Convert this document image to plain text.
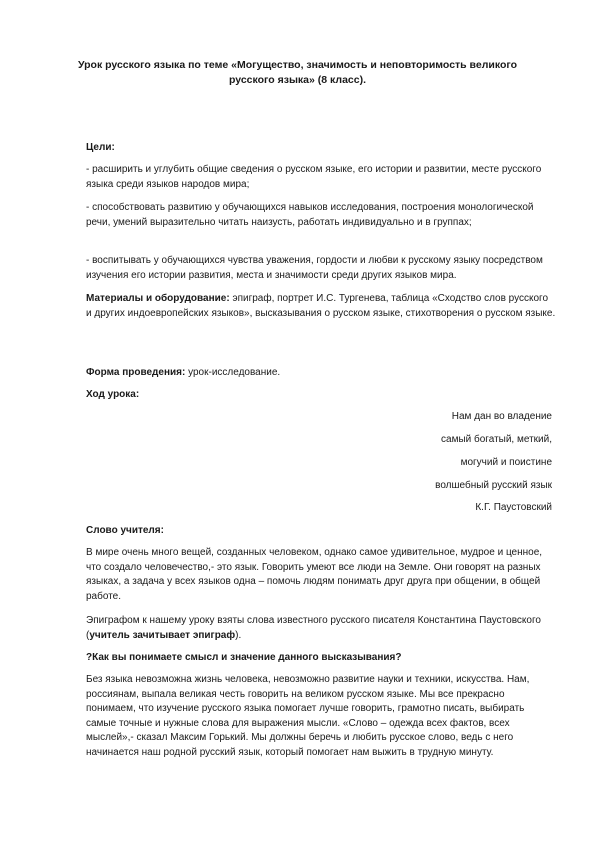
Урок русского языка по теме «Могущество, значимость и неповторимость великого русского языка» (8 класс).
Цели:
- расширить и углубить общие сведения о русском языке, его истории и развитии, месте русского языка среди языков народов мира;
- способствовать развитию у обучающихся навыков исследования, построения монологической речи, умений выразительно читать наизусть, работать индивидуально и в группах;
- воспитывать у обучающихся чувства уважения, гордости и любви к русскому языку посредством изучения его истории развития, места и значимости среди других языков мира.
Материалы и оборудование: эпиграф, портрет И.С. Тургенева, таблица «Сходство слов русского и других индоевропейских языков», высказывания о русском языке, стихотворения о русском языке.
Форма проведения: урок-исследование.
Ход урока:
Нам дан во владение
самый богатый, меткий,
могучий и поистине
волшебный русский язык
К.Г. Паустовский
Слово учителя:
В мире очень много вещей, созданных человеком, однако самое удивительное, мудрое и ценное, что создало человечество,- это язык. Говорить умеют все люди на Земле. Они говорят на разных языках, а задача у всех языков одна – помочь людям понимать друг друга при общении, в общей работе.
Эпиграфом к нашему уроку взяты слова известного русского писателя Константина Паустовского (учитель зачитывает эпиграф).
?Как вы понимаете смысл и значение данного высказывания?
Без языка невозможна жизнь человека, невозможно развитие науки и техники, искусства. Нам, россиянам, выпала великая честь говорить на великом русском языке. Мы все прекрасно понимаем, что изучение русского языка помогает лучше говорить, грамотно писать, выбирать самые точные и нужные слова для выражения мысли. «Слово – одежда всех фактов, всех мыслей»,- сказал Максим Горький. Мы должны беречь и любить русское слово, ведь с него начинается наш родной русский язык, который помогает нам выжить в трудную минуту.
